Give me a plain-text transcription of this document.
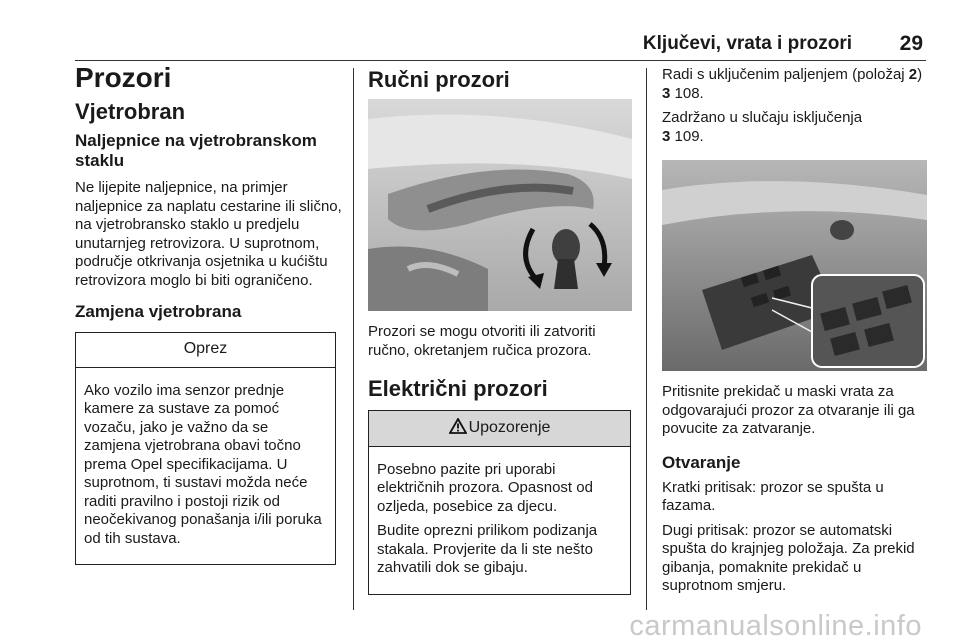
Ključevi, vrata i prozori 29
Prozori
Vjetrobran
Naljepnice na vjetrobranskom staklu

Ne lijepite naljepnice, na primjer naljepnice za naplatu cestarine ili slično, na vjetrobransko staklo u predjelu unutarnjeg retrovizora. U suprotnom, područje otkrivanja osjetnika u kućištu retrovizora moglo bi biti ograničeno.

Zamjena vjetrobrana
Oprez

Ako vozilo ima senzor prednje kamere za sustave za pomoć vozaču, jako je važno da se zamjena vjetrobrana obavi točno prema Opel specifikacijama. U suprotnom, ti sustavi možda neće raditi pravilno i postoji rizik od neočekivanog ponašanja i/ili poruka od tih sustava.

Ručni prozori

Prozori se mogu otvoriti ili zatvoriti ručno, okretanjem ručica prozora.

Električni prozori
Upozorenje

Posebno pazite pri uporabi električnih prozora. Opasnost od ozljeda, posebice za djecu.

Budite oprezni prilikom podizanja stakala. Provjerite da li ste nešto zahvatili dok se gibaju.

Radi s uključenim paljenjem (položaj 2) 3 108.

Zadržano u slučaju isključenja
3 109.

Pritisnite prekidač u maski vrata za odgovarajući prozor za otvaranje ili ga povucite za zatvaranje.

Otvaranje

Kratki pritisak: prozor se spušta u fazama.

Dugi pritisak: prozor se automatski spušta do krajnjeg položaja. Za prekid gibanja, pomaknite prekidač u suprotnom smjeru.

carmanualsonline.info
